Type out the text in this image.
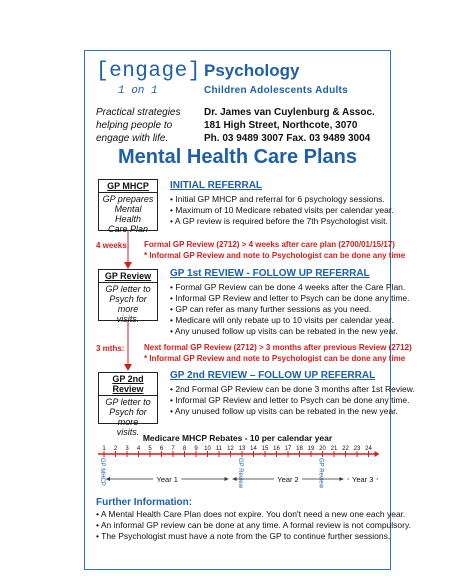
[engage]
1 on 1
Psychology
Children Adolescents Adults
Practical strategies
helping people to
engage with life.
Dr. James van Cuylenburg & Assoc.
181 High Street, Northcote, 3070
Ph. 03 9489 3007 Fax. 03 9489 3004
Mental Health Care Plans
GP MHCP
GP prepares
Mental Health
Care Plan
INITIAL REFERRAL
• Initial GP MHCP and referral for 6 psychology sessions.
• Maximum of 10 Medicare rebated visits per calendar year.
• A GP review is required before the 7th Psychologist visit.
4 weeks: Formal GP Review (2712) > 4 weeks after care plan (2700/01/15/17)
* Informal GP Review and note to Psychologist can be done any time
GP Review
GP letter to
Psych for more
visits.
GP 1st REVIEW - FOLLOW UP REFERRAL
• Formal GP Review can be done 4 weeks after the Care Plan.
• Informal GP Review and letter to Psych can be done any time.
• GP can refer as many further sessions as you need.
• Medicare will only rebate up to 10 visits per calendar year.
• Any unused follow up visits can be rebated in the new year.
3 mths: Next formal GP Review (2712) > 3 months after previous Review (2712)
* Informal GP Review and note to Psychologist can be done any time
GP 2nd Review
GP letter to
Psych for more
visits.
GP 2nd REVIEW – FOLLOW UP REFERRAL
• 2nd Formal GP Review can be done 3 months after 1st Review.
• Informal GP Review and letter to Psych can be done any time.
• Any unused follow up visits can be rebated in the new year.
Medicare MHCP Rebates - 10 per calendar year
1 2 3 4 5 6 7 8 9 10 11 12 13 14 15 16 17 18 19 20 21 22 23 24
GP MHCP	GP Review	GP Review
Year 1	Year 2	Year 3
Further Information:
• A Mental Health Care Plan does not expire. You don't need a new one each year.
• An informal GP review can be done at any time. A formal review is not compulsory.
• The Psychologist must have a note from the GP to continue further sessions.
